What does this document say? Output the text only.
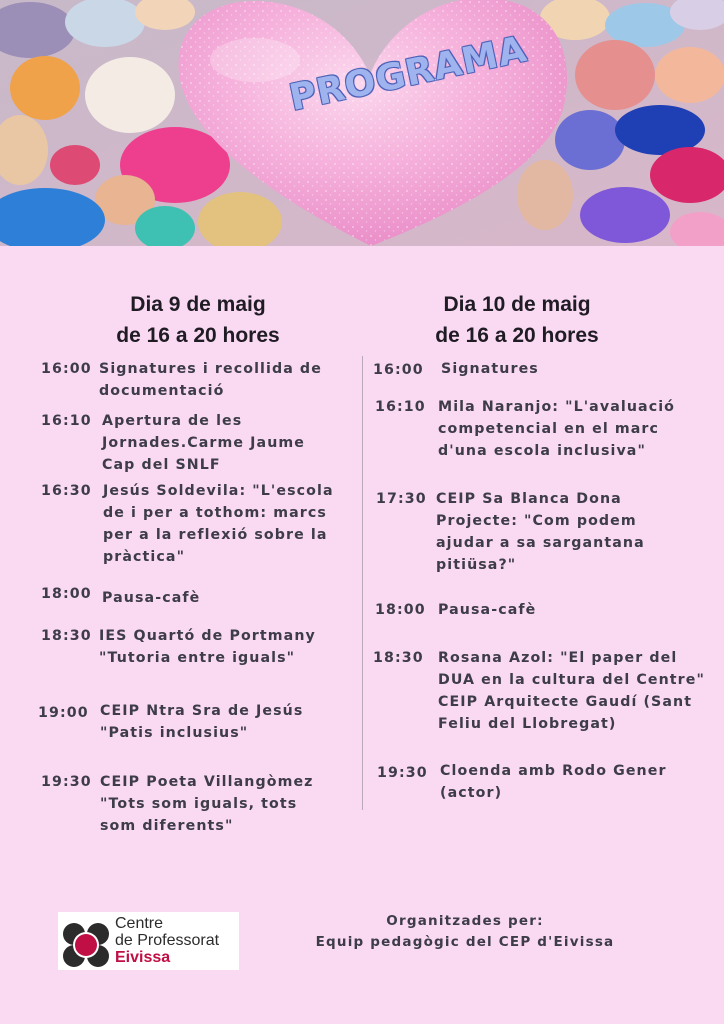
PROGRAMA
Dia 9 de maig
de 16 a 20 hores
Dia 10 de maig
de 16 a 20 hores
16:00 Signatures i recollida de
documentació
16:10 Apertura de les
Jornades.Carme Jaume
Cap del SNLF
16:30 Jesús Soldevila: "L'escola
de i per a tothom: marcs
per a la reflexió sobre la
pràctica"
18:00 Pausa-cafè
18:30 IES Quartó de Portmany
"Tutoria entre iguals"
19:00 CEIP Ntra Sra de Jesús
"Patis inclusius"
19:30 CEIP Poeta Villangòmez
"Tots som iguals, tots
som diferents"
16:00 Signatures
16:10 Mila Naranjo: "L'avaluació
competencial en el marc
d'una escola inclusiva"
17:30 CEIP Sa Blanca Dona
Projecte: "Com podem
ajudar a sa sargantana
pitiüsa?"
18:00 Pausa-cafè
18:30 Rosana Azol: "El paper del
DUA en la cultura del Centre"
CEIP Arquitecte Gaudí (Sant
Feliu del Llobregat)
19:30 Cloenda amb Rodo Gener
(actor)
Centre
de Professorat
Eivissa
Organitzades per:
Equip pedagògic del CEP d'Eivissa
